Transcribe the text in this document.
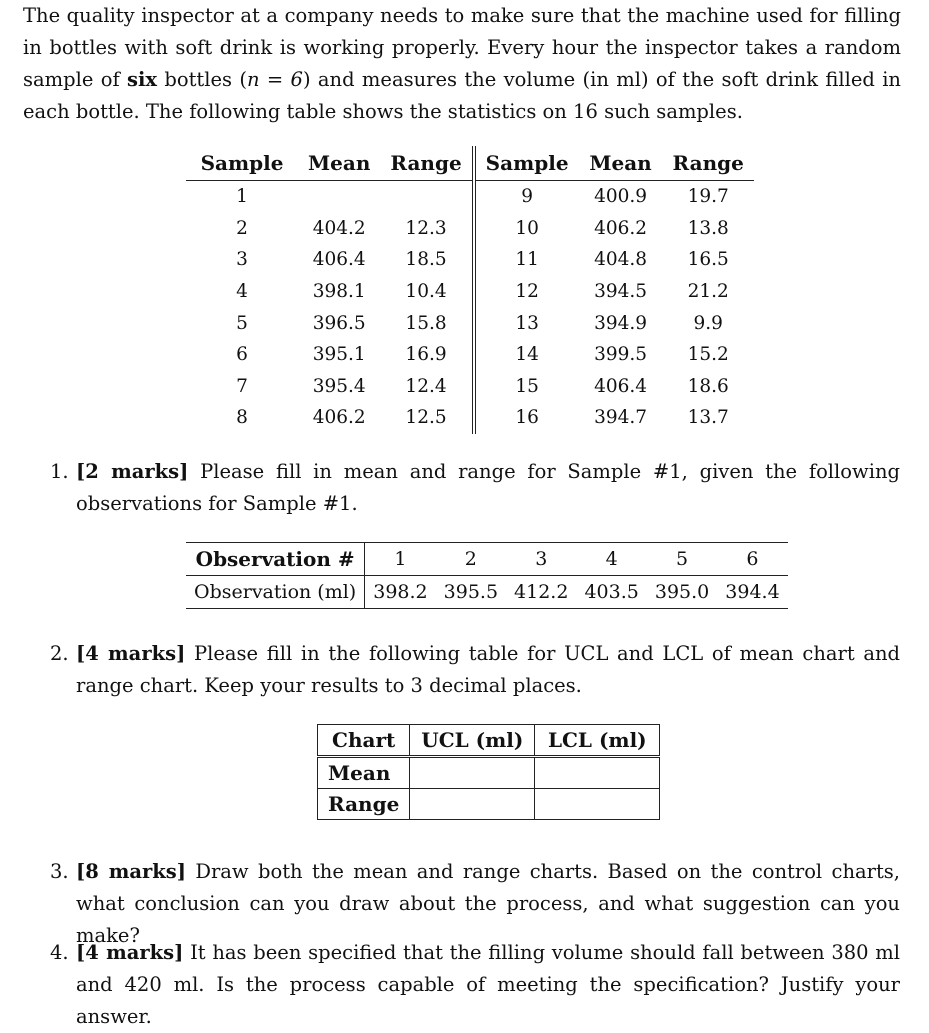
The quality inspector at a company needs to make sure that the machine used for filling in bottles with soft drink is working properly. Every hour the inspector takes a random sample of six bottles (n = 6) and measures the volume (in ml) of the soft drink filled in each bottle. The following table shows the statistics on 16 such samples.
Sample	Mean	Range	Sample	Mean	Range
1			9	400.9	19.7
2	404.2	12.3	10	406.2	13.8
3	406.4	18.5	11	404.8	16.5
4	398.1	10.4	12	394.5	21.2
5	396.5	15.8	13	394.9	9.9
6	395.1	16.9	14	399.5	15.2
7	395.4	12.4	15	406.4	18.6
8	406.2	12.5	16	394.7	13.7
1. [2 marks] Please fill in mean and range for Sample #1, given the following observations for Sample #1.
Observation #	1	2	3	4	5	6
Observation (ml)	398.2	395.5	412.2	403.5	395.0	394.4
2. [4 marks] Please fill in the following table for UCL and LCL of mean chart and range chart. Keep your results to 3 decimal places.
Chart	UCL (ml)	LCL (ml)
Mean		
Range		
3. [8 marks] Draw both the mean and range charts. Based on the control charts, what conclusion can you draw about the process, and what suggestion can you make?
4. [4 marks] It has been specified that the filling volume should fall between 380 ml and 420 ml. Is the process capable of meeting the specification? Justify your answer.
